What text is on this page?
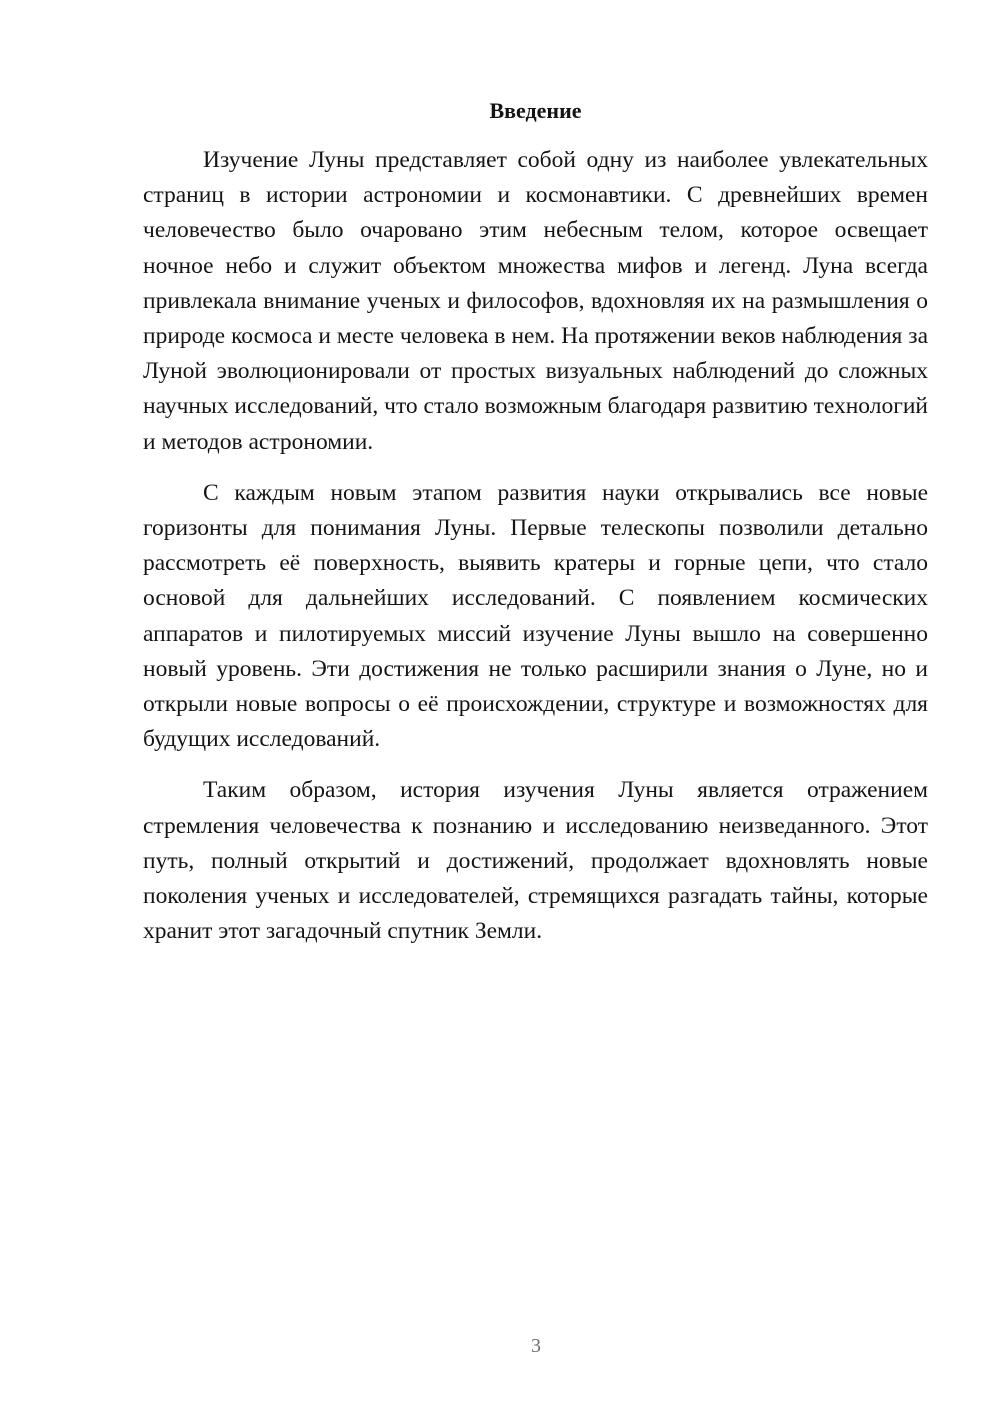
Введение

Изучение Луны представляет собой одну из наиболее увлекательных страниц в истории астрономии и космонавтики. С древнейших времен человечество было очаровано этим небесным телом, которое освещает ночное небо и служит объектом множества мифов и легенд. Луна всегда привлекала внимание ученых и философов, вдохновляя их на размышления о природе космоса и месте человека в нем. На протяжении веков наблюдения за Луной эволюционировали от простых визуальных наблюдений до сложных научных исследований, что стало возможным благодаря развитию технологий и методов астрономии.

С каждым новым этапом развития науки открывались все новые горизонты для понимания Луны. Первые телескопы позволили детально рассмотреть её поверхность, выявить кратеры и горные цепи, что стало основой для дальнейших исследований. С появлением космических аппаратов и пилотируемых миссий изучение Луны вышло на совершенно новый уровень. Эти достижения не только расширили знания о Луне, но и открыли новые вопросы о её происхождении, структуре и возможностях для будущих исследований.

Таким образом, история изучения Луны является отражением стремления человечества к познанию и исследованию неизведанного. Этот путь, полный открытий и достижений, продолжает вдохновлять новые поколения ученых и исследователей, стремящихся разгадать тайны, которые хранит этот загадочный спутник Земли.

3
